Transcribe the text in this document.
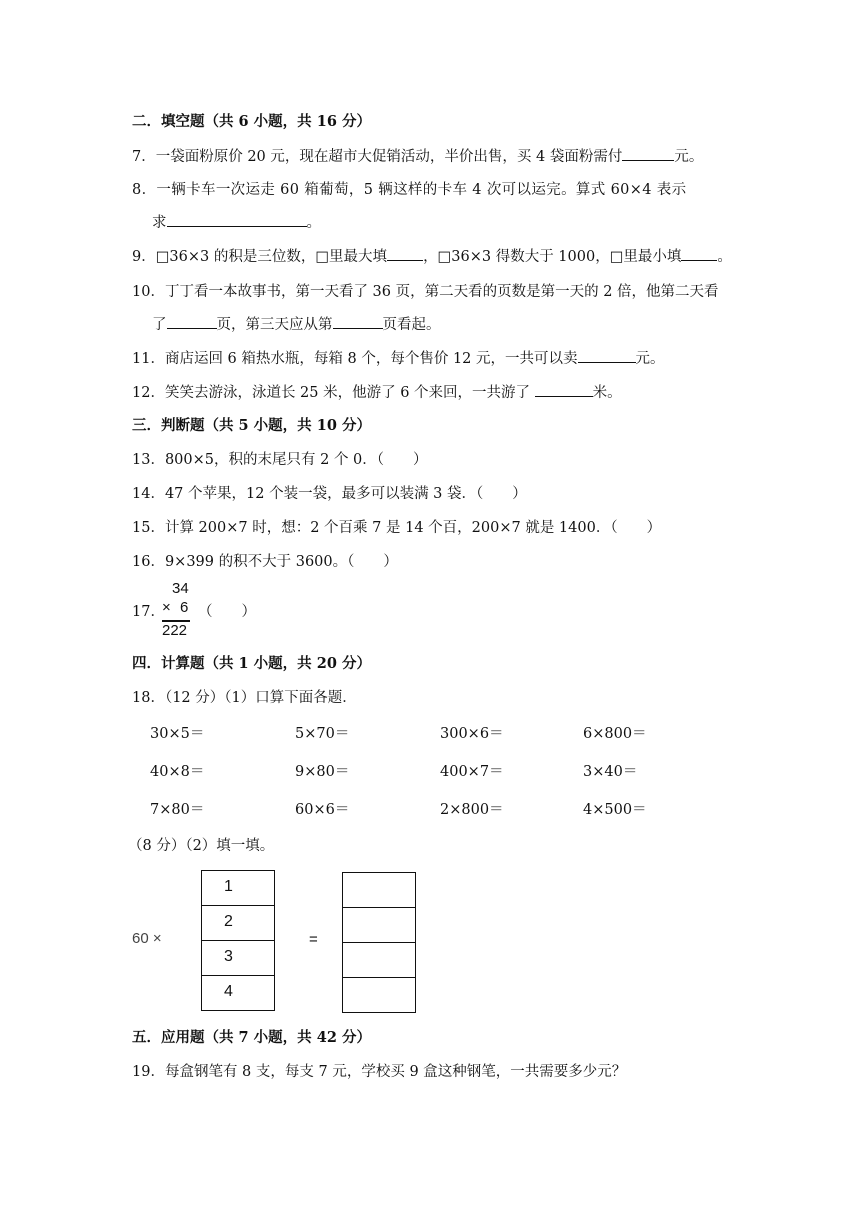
二．填空题（共 6 小题，共 16 分）
7．一袋面粉原价 20 元，现在超市大促销活动，半价出售，买 4 袋面粉需付	元。
8．一辆卡车一次运走 60 箱葡萄，5 辆这样的卡车 4 次可以运完。算式 60×4 表示
求	。
9．□36×3 的积是三位数，□里最大填 ，□36×3 得数大于 1000，□里最小填 。
10．丁丁看一本故事书，第一天看了 36 页，第二天看的页数是第一天的 2 倍，他第二天看
了	页，第三天应从第	页看起。
11．商店运回 6 箱热水瓶，每箱 8 个，每个售价 12 元，一共可以卖	元。
12．笑笑去游泳，泳道长 25 米，他游了 6 个来回，一共游了	米。
三．判断题（共 5 小题，共 10 分）
13．800×5，积的末尾只有 2 个 0．（　　）
14．47 个苹果，12 个装一袋，最多可以装满 3 袋．（　　）
15．计算 200×7 时，想：2 个百乘 7 是 14 个百，200×7 就是 1400．（　　）
16．9×399 的积不大于 3600。（　　）
17．
34
× 6
222
（　　）
四．计算题（共 1 小题，共 20 分）
18．（12 分）（1）口算下面各题．
30×5＝	5×70＝	300×6＝	6×800＝
40×8＝	9×80＝	400×7＝	3×40＝
7×80＝	60×6＝	2×800＝	4×500＝
（8 分）（2）填一填。
60 ×
1
2
3
4
=
五．应用题（共 7 小题，共 42 分）
19．每盒钢笔有 8 支，每支 7 元，学校买 9 盒这种钢笔，一共需要多少元？
